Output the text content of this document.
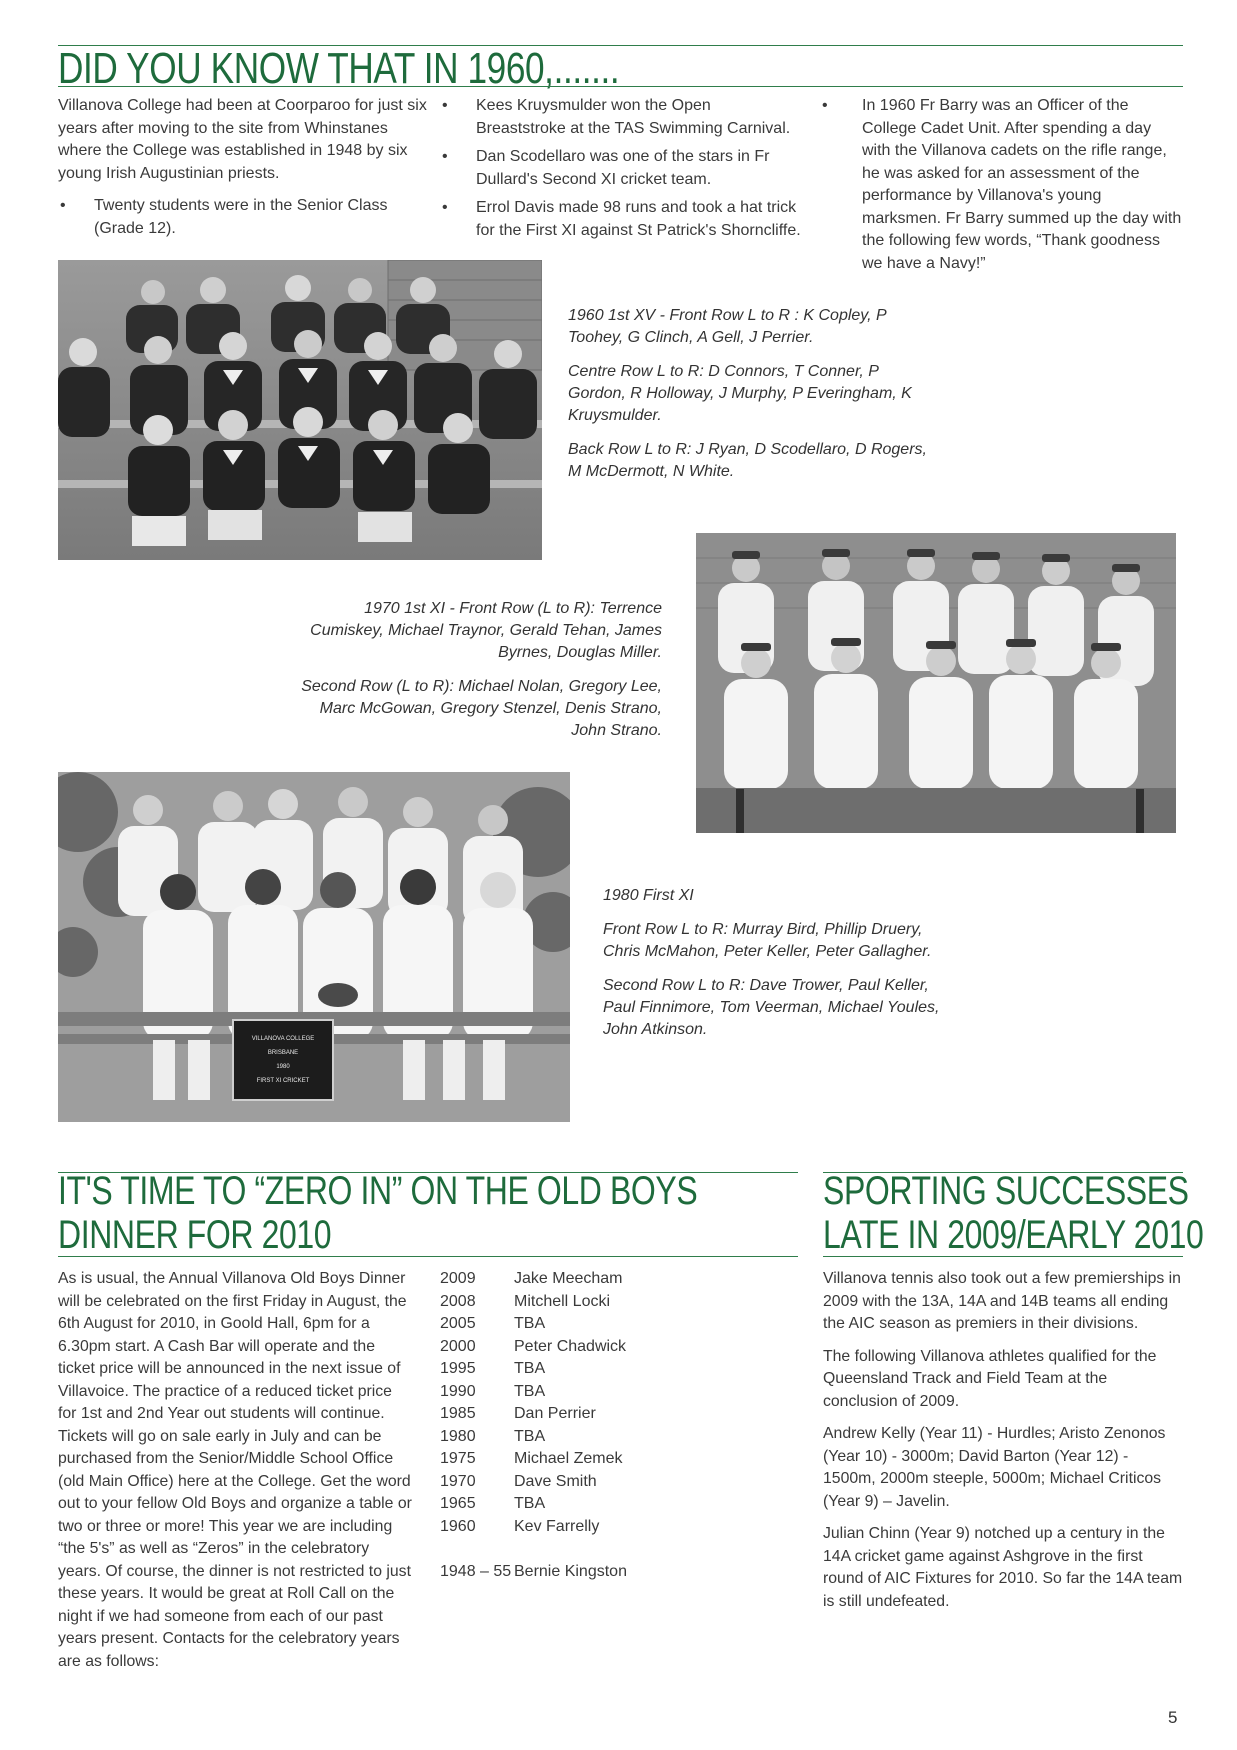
DID YOU KNOW THAT IN 1960,.......

Villanova College had been at Coorparoo for just six years after moving to the site from Whinstanes where the College was established in 1948 by six young Irish Augustinian priests.

• Twenty students were in the Senior Class (Grade 12).
• Kees Kruysmulder won the Open Breaststroke at the TAS Swimming Carnival.
• Dan Scodellaro was one of the stars in Fr Dullard's Second XI cricket team.
• Errol Davis made 98 runs and took a hat trick for the First XI against St Patrick's Shorncliffe.
• In 1960 Fr Barry was an Officer of the College Cadet Unit. After spending a day with the Villanova cadets on the rifle range, he was asked for an assessment of the performance by Villanova's young marksmen. Fr Barry summed up the day with the following few words, “Thank goodness we have a Navy!”

1960 1st XV - Front Row L to R : K Copley, P Toohey, G Clinch, A Gell, J Perrier.

Centre Row L to R: D Connors, T Conner, P Gordon, R Holloway, J Murphy, P Everingham, K Kruysmulder.

Back Row L to R: J Ryan, D Scodellaro, D Rogers, M McDermott, N White.

1970 1st XI - Front Row (L to R): Terrence Cumiskey, Michael Traynor, Gerald Tehan, James Byrnes, Douglas Miller.

Second Row (L to R): Michael Nolan, Gregory Lee, Marc McGowan, Gregory Stenzel, Denis Strano, John Strano.

VILLANOVA COLLEGE
BRISBANE
1980
FIRST XI CRICKET

1980 First XI

Front Row L to R: Murray Bird, Phillip Druery, Chris McMahon, Peter Keller, Peter Gallagher.

Second Row L to R: Dave Trower, Paul Keller, Paul Finnimore, Tom Veerman, Michael Youles, John Atkinson.

IT'S TIME TO “ZERO IN” ON THE OLD BOYS
DINNER FOR 2010

As is usual, the Annual Villanova Old Boys Dinner will be celebrated on the first Friday in August, the 6th August for 2010, in Goold Hall, 6pm for a 6.30pm start. A Cash Bar will operate and the ticket price will be announced in the next issue of Villavoice. The practice of a reduced ticket price for 1st and 2nd Year out students will continue. Tickets will go on sale early in July and can be purchased from the Senior/Middle School Office (old Main Office) here at the College. Get the word out to your fellow Old Boys and organize a table or two or three or more! This year we are including “the 5's” as well as “Zeros” in the celebratory years. Of course, the dinner is not restricted to just these years. It would be great at Roll Call on the night if we had someone from each of our past years present. Contacts for the celebratory years are as follows:

2009	Jake Meecham
2008	Mitchell Locki
2005	TBA
2000	Peter Chadwick
1995	TBA
1990	TBA
1985	Dan Perrier
1980	TBA
1975	Michael Zemek
1970	Dave Smith
1965	TBA
1960	Kev Farrelly

1948 – 55	Bernie Kingston
SPORTING SUCCESSES
LATE IN 2009/EARLY 2010

Villanova tennis also took out a few premierships in 2009 with the 13A, 14A and 14B teams all ending the AIC season as premiers in their divisions.

The following Villanova athletes qualified for the Queensland Track and Field Team at the conclusion of 2009.

Andrew Kelly (Year 11) - Hurdles; Aristo Zenonos (Year 10) - 3000m; David Barton (Year 12) - 1500m, 2000m steeple, 5000m; Michael Criticos (Year 9) – Javelin.

Julian Chinn (Year 9) notched up a century in the 14A cricket game against Ashgrove in the first round of AIC Fixtures for 2010. So far the 14A team is still undefeated.

5
